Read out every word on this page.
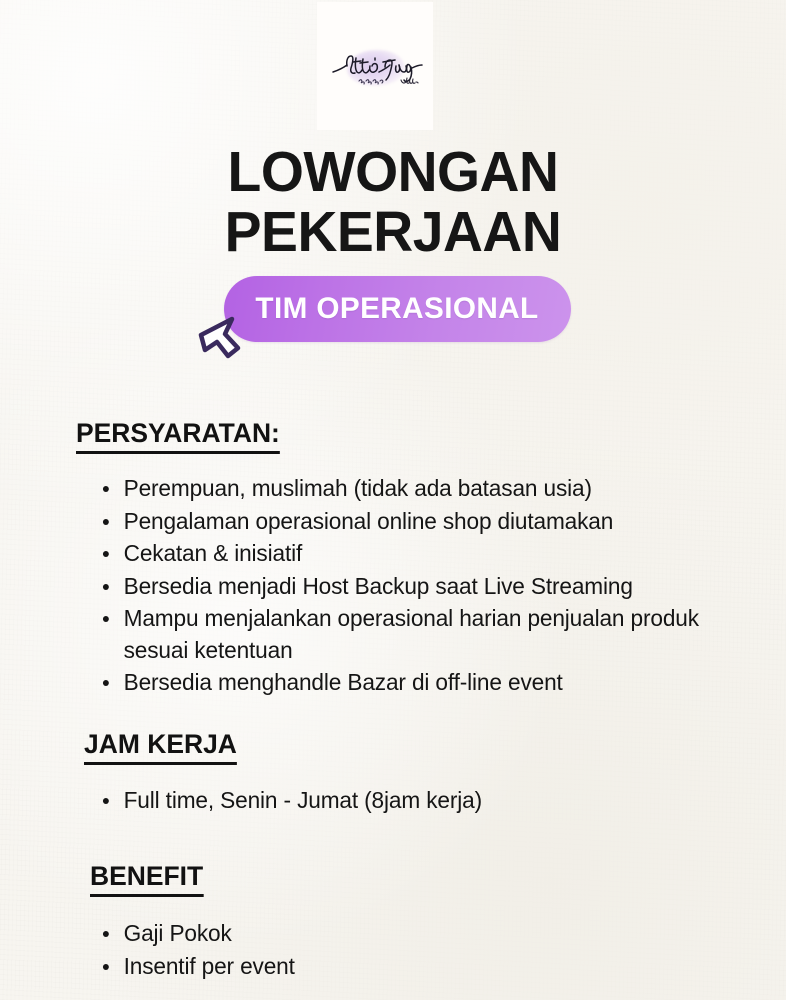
LOWONGAN
PEKERJAAN
TIM OPERASIONAL
PERSYARATAN:
Perempuan, muslimah (tidak ada batasan usia)
Pengalaman operasional online shop diutamakan
Cekatan & inisiatif
Bersedia menjadi Host Backup saat Live Streaming
Mampu menjalankan operasional harian penjualan produk sesuai ketentuan
Bersedia menghandle Bazar di off-line event
JAM KERJA
Full time, Senin - Jumat (8jam kerja)
BENEFIT
Gaji Pokok
Insentif per event
